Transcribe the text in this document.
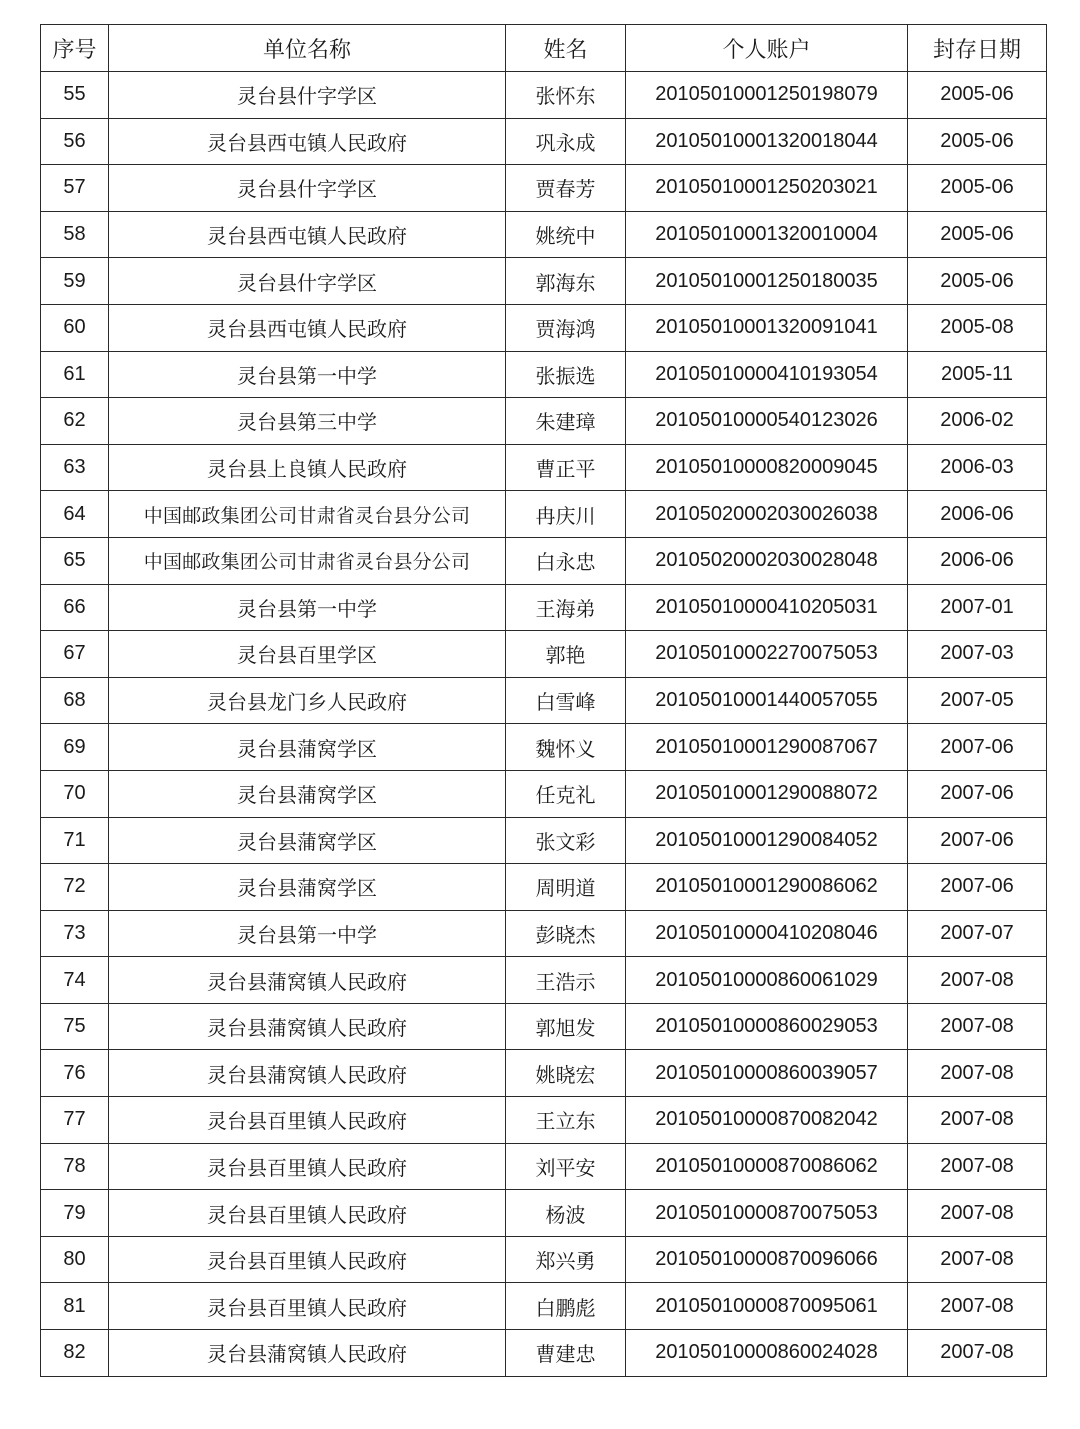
序号	单位名称	姓名	个人账户	封存日期
55	灵台县什字学区	张怀东	20105010001250198079	2005-06
56	灵台县西屯镇人民政府	巩永成	20105010001320018044	2005-06
57	灵台县什字学区	贾春芳	20105010001250203021	2005-06
58	灵台县西屯镇人民政府	姚统中	20105010001320010004	2005-06
59	灵台县什字学区	郭海东	20105010001250180035	2005-06
60	灵台县西屯镇人民政府	贾海鸿	20105010001320091041	2005-08
61	灵台县第一中学	张振选	20105010000410193054	2005-11
62	灵台县第三中学	朱建璋	20105010000540123026	2006-02
63	灵台县上良镇人民政府	曹正平	20105010000820009045	2006-03
64	中国邮政集团公司甘肃省灵台县分公司	冉庆川	20105020002030026038	2006-06
65	中国邮政集团公司甘肃省灵台县分公司	白永忠	20105020002030028048	2006-06
66	灵台县第一中学	王海弟	20105010000410205031	2007-01
67	灵台县百里学区	郭艳	20105010002270075053	2007-03
68	灵台县龙门乡人民政府	白雪峰	20105010001440057055	2007-05
69	灵台县蒲窝学区	魏怀义	20105010001290087067	2007-06
70	灵台县蒲窝学区	任克礼	20105010001290088072	2007-06
71	灵台县蒲窝学区	张文彩	20105010001290084052	2007-06
72	灵台县蒲窝学区	周明道	20105010001290086062	2007-06
73	灵台县第一中学	彭晓杰	20105010000410208046	2007-07
74	灵台县蒲窝镇人民政府	王浩示	20105010000860061029	2007-08
75	灵台县蒲窝镇人民政府	郭旭发	20105010000860029053	2007-08
76	灵台县蒲窝镇人民政府	姚晓宏	20105010000860039057	2007-08
77	灵台县百里镇人民政府	王立东	20105010000870082042	2007-08
78	灵台县百里镇人民政府	刘平安	20105010000870086062	2007-08
79	灵台县百里镇人民政府	杨波	20105010000870075053	2007-08
80	灵台县百里镇人民政府	郑兴勇	20105010000870096066	2007-08
81	灵台县百里镇人民政府	白鹏彪	20105010000870095061	2007-08
82	灵台县蒲窝镇人民政府	曹建忠	20105010000860024028	2007-08
